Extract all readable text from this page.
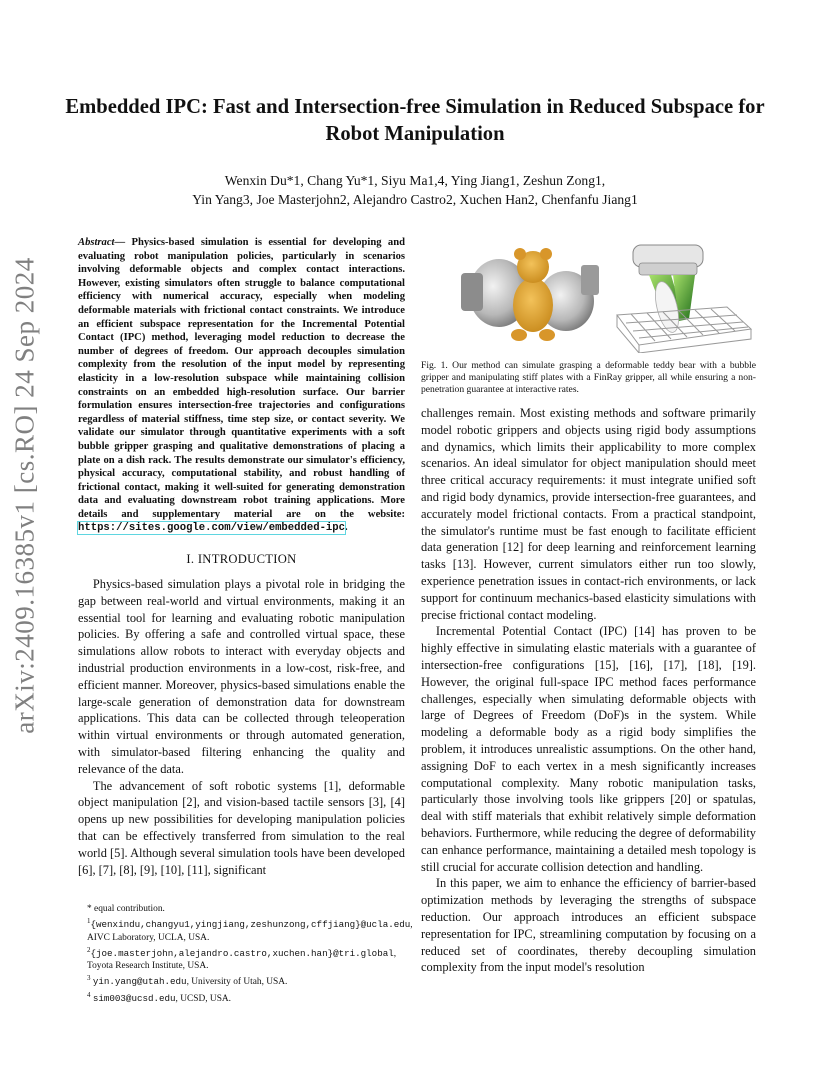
arXiv:2409.16385v1 [cs.RO] 24 Sep 2024
Embedded IPC: Fast and Intersection-free Simulation in Reduced Subspace for Robot Manipulation
Wenxin Du*1, Chang Yu*1, Siyu Ma1,4, Ying Jiang1, Zeshun Zong1,
Yin Yang3, Joe Masterjohn2, Alejandro Castro2, Xuchen Han2, Chenfanfu Jiang1

Abstract— Physics-based simulation is essential for developing and evaluating robot manipulation policies, particularly in scenarios involving deformable objects and complex contact interactions. However, existing simulators often struggle to balance computational efficiency with numerical accuracy, especially when modeling deformable materials with frictional contact constraints. We introduce an efficient subspace representation for the Incremental Potential Contact (IPC) method, leveraging model reduction to decrease the number of degrees of freedom. Our approach decouples simulation complexity from the resolution of the input model by representing elasticity in a low-resolution subspace while maintaining collision constraints on an embedded high-resolution surface. Our barrier formulation ensures intersection-free trajectories and configurations regardless of material stiffness, time step size, or contact severity. We validate our simulator through quantitative experiments with a soft bubble gripper grasping and qualitative demonstrations of placing a plate on a dish rack. The results demonstrate our simulator's efficiency, physical accuracy, computational stability, and robust handling of frictional contact, making it well-suited for generating demonstration data and evaluating downstream robot training applications. More details and supplementary material are on the website: https://sites.google.com/view/embedded-ipc.

I. INTRODUCTION

Physics-based simulation plays a pivotal role in bridging the gap between real-world and virtual environments, making it an essential tool for learning and evaluating robotic manipulation policies. By offering a safe and controlled virtual space, these simulations allow robots to interact with everyday objects and industrial production environments in a low-cost, risk-free, and efficient manner. Moreover, physics-based simulations enable the large-scale generation of demonstration data for downstream applications. This data can be collected through teleoperation within virtual environments or through automated generation, with simulator-based filtering enhancing the quality and relevance of the data.

The advancement of soft robotic systems [1], deformable object manipulation [2], and vision-based tactile sensors [3], [4] opens up new possibilities for developing manipulation policies that can be effectively transferred from simulation to the real world [5]. Although several simulation tools have been developed [6], [7], [8], [9], [10], [11], significant

* equal contribution.

$^1${wenxindu,changyu1,yingjiang,zeshunzong,cffjiang}@ucla.edu, AIVC Laboratory, UCLA, USA.

$^2${joe.masterjohn,alejandro.castro,xuchen.han}@tri.global, Toyota Research Institute, USA.

$^3$ yin.yang@utah.edu, University of Utah, USA.

$^4$ sim003@ucsd.edu, UCSD, USA.

Fig. 1. Our method can simulate grasping a deformable teddy bear with a bubble gripper and manipulating stiff plates with a FinRay gripper, all while ensuring a non-penetration guarantee at interactive rates.

challenges remain. Most existing methods and software primarily model robotic grippers and objects using rigid body assumptions and dynamics, which limits their applicability to more complex scenarios. An ideal simulator for object manipulation should meet three critical accuracy requirements: it must integrate unified soft and rigid body dynamics, provide intersection-free guarantees, and accurately model frictional contacts. From a practical standpoint, the simulator's runtime must be fast enough to facilitate efficient data generation [12] for deep learning and reinforcement learning tasks [13]. However, current simulators either run too slowly, experience penetration issues in contact-rich environments, or lack support for continuum mechanics-based elasticity simulations with precise frictional contact modeling.

Incremental Potential Contact (IPC) [14] has proven to be highly effective in simulating elastic materials with a guarantee of intersection-free configurations [15], [16], [17], [18], [19]. However, the original full-space IPC method faces performance challenges, especially when simulating deformable objects with large of Degrees of Freedom (DoF)s in the system. While modeling a deformable body as a rigid body simplifies the problem, it introduces unrealistic assumptions. On the other hand, assigning DoF to each vertex in a mesh significantly increases computational complexity. Many robotic manipulation tasks, particularly those involving tools like grippers [20] or spatulas, deal with stiff materials that exhibit relatively simple deformation behaviors. Furthermore, while reducing the degree of deformability can enhance performance, maintaining a detailed mesh topology is still crucial for accurate collision detection and handling.

In this paper, we aim to enhance the efficiency of barrier-based optimization methods by leveraging the strengths of subspace reduction. Our approach introduces an efficient subspace representation for IPC, streamlining computation by focusing on a reduced set of coordinates, thereby decoupling simulation complexity from the input model's resolution
